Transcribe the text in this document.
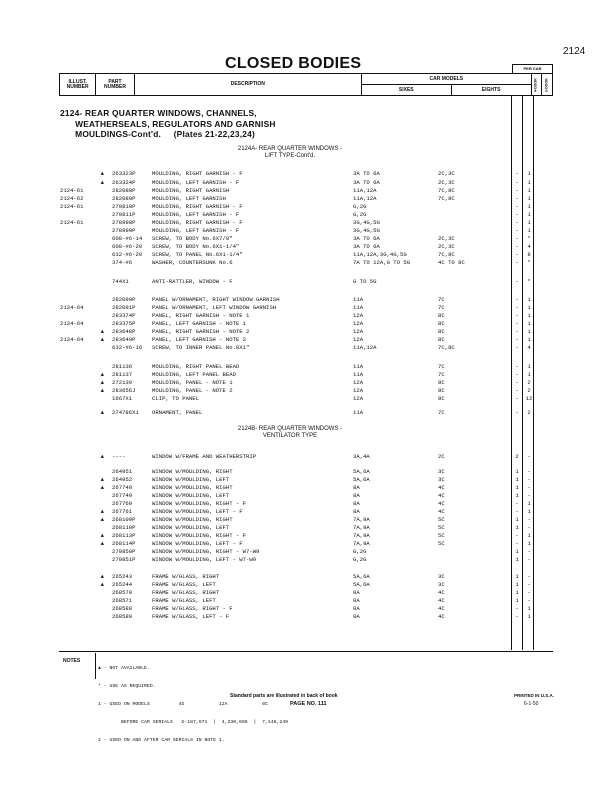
2124
CLOSED BODIES	PER CAR
ILLUST. NUMBER	PART NUMBER	DESCRIPTION	CAR MODELS		4-DOOR	2-DOOR
			SIXES	EIGHTS		
2124- REAR QUARTER WINDOWS, CHANNELS,
WEATHERSEALS, REGULATORS AND GARNISH
MOULDINGS-Cont'd.     (Plates 21-22,23,24)
2124A- REAR QUARTER WINDOWS -
LIFT TYPE-Cont'd.
2124B- REAR QUARTER WINDOWS -
VENTILATOR TYPE
▲ 263323P	MOULDING, RIGHT GARNISH - F	3A TO 6A	2C,3C	-	1
▲ 263324P	MOULDING, LEFT GARNISH - F	3A TO 6A	2C,3C	-	1
2124-61	282088P	MOULDING, RIGHT GARNISH	11A,12A	7C,8C	-	1
2124-62	282089P	MOULDING, LEFT GARNISH	11A,12A	7C,8C	-	1
2124-61	270810P	MOULDING, RIGHT GARNISH - F	G,2G	-	1
270811P	MOULDING, LEFT GARNISH - F	G,2G	-	1
2124-61	278998P	MOULDING, RIGHT GARNISH - F	3G,4G,5G	-	1
278999P	MOULDING, LEFT GARNISH - F	3G,4G,5G	-	1
608-#6-14	SCREW, TO BODY No.6X7/8"	3A TO 6A	2C,3C	-	*
608-#6-20	SCREW, TO BODY No.6X1-1/4"	3A TO 6A	2C,3C	-	4
632-#6-20	SCREW, TO PANEL No.6X1-1/4"	11A,12A,3G,4G,5G	7C,8C	-	8
374-#6	WASHER, COUNTERSUNK No.6	7A TO 12A,G TO 5G	4C TO 8C	-	*
744X1	ANTI-RATTLER, WINDOW - F	G TO 5G	-	*
282090P	PANEL W/ORNAMENT, RIGHT WINDOW GARNISH	11A	7C	-	1
2124-64	282091P	PANEL W/ORNAMENT, LEFT WINDOW GARNISH	11A	7C	-	1
283374P	PANEL, RIGHT GARNISH - NOTE 1	12A	8C	-	1
2124-64	283375P	PANEL, LEFT GARNISH - NOTE 1	12A	8C	-	1
▲ 283648P	PANEL, RIGHT GARNISH - NOTE 2	12A	8C	-	1
2124-64	▲ 283649P	PANEL, LEFT GARNISH - NOTE 2	12A	8C	-	1
632-#6-16	SCREW, TO INNER PANEL No.8X1"	11A,12A	7C,8C	-	4
281136	MOULDING, RIGHT PANEL BEAD	11A	7C	-	1
▲ 281137	MOULDING, LEFT PANEL BEAD	11A	7C	-	1
▲ 272139	MOULDING, PANEL - NOTE 1	12A	8C	-	2
▲ 283656J	MOULDING, PANEL - NOTE 2	12A	8C	-	2
1667X1	CLIP, TO PANEL	12A	8C	-	12
▲ 274786X1	ORNAMENT, PANEL	11A	7C	-	2
▲ ----	WINDOW W/FRAME AND WEATHERSTRIP	3A,4A	2C	2	-
264951	WINDOW W/MOULDING, RIGHT	5A,6A	3C	1	-
▲ 264952	WINDOW W/MOULDING, LEFT	5A,6A	3C	1	-
▲ 267748	WINDOW W/MOULDING, RIGHT	8A	4C	1	-
267749	WINDOW W/MOULDING, LEFT	8A	4C	1	-
267760	WINDOW W/MOULDING, RIGHT - F	8A	4C	-	1
▲ 267761	WINDOW W/MOULDING, LEFT - F	8A	4C	-	1
▲ 268109P	WINDOW W/MOULDING, RIGHT	7A,9A	5C	1	-
268110P	WINDOW W/MOULDING, LEFT	7A,9A	5C	1	-
▲ 268113P	WINDOW W/MOULDING, RIGHT - F	7A,9A	5C	-	1
▲ 268114P	WINDOW W/MOULDING, LEFT - F	7A,9A	5C	-	1
270850P	WINDOW W/MOULDING, RIGHT - W7-W9	G,2G	1	-
270851P	WINDOW W/MOULDING, LEFT - W7-W9	G,2G	1	-
▲ 265243	FRAME W/GLASS, RIGHT	5A,6A	3C	1	-
▲ 265244	FRAME W/GLASS, LEFT	5A,6A	3C	1	-
268570	FRAME W/GLASS, RIGHT	8A	4C	1	-
268571	FRAME W/GLASS, LEFT	8A	4C	1	-
268588	FRAME W/GLASS, RIGHT - F	8A	4C	-	1
268589	FRAME W/GLASS, LEFT - F	8A	4C	-	1
NOTES

▲ - NOT AVAILABLE.

* - USE AS REQUIRED.

1 - USED ON MODELS          4G            12A            8C

BEFORE CAR SERIALS   G-187,971  |  4,230,608  |  7,148,249

2 - USED ON AND AFTER CAR SERIALS IN NOTE 1.

Standard parts are illustrated in back of book
PAGE NO. 111
PRINTED IN U.S.A.
6-1-50
